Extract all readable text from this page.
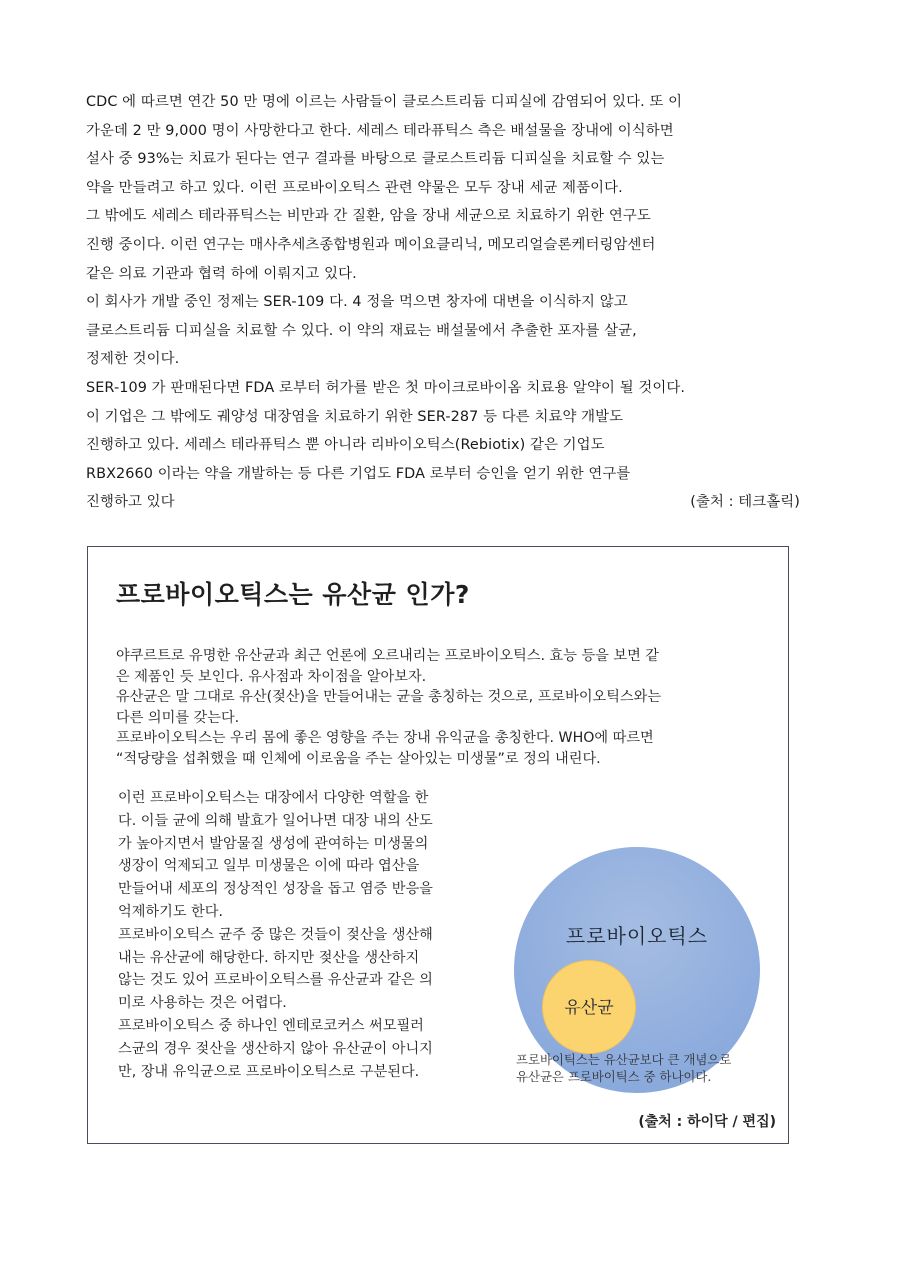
CDC 에 따르면 연간 50 만 명에 이르는 사람들이 클로스트리듐 디피실에 감염되어 있다. 또 이
가운데 2 만 9,000 명이 사망한다고 한다. 세레스 테라퓨틱스 측은 배설물을 장내에 이식하면
설사 중 93%는 치료가 된다는 연구 결과를 바탕으로 클로스트리듐 디피실을 치료할 수 있는
약을 만들려고 하고 있다. 이런 프로바이오틱스 관련 약물은 모두 장내 세균 제품이다.
그 밖에도 세레스 테라퓨틱스는 비만과 간 질환, 암을 장내 세균으로 치료하기 위한 연구도
진행 중이다. 이런 연구는 매사추세츠종합병원과 메이요클리닉, 메모리얼슬론케터링암센터
같은 의료 기관과 협력 하에 이뤄지고 있다.
이 회사가 개발 중인 정제는 SER-109 다. 4 정을 먹으면 창자에 대변을 이식하지 않고
클로스트리듐 디피실을 치료할 수 있다. 이 약의 재료는 배설물에서 추출한 포자를 살균,
정제한 것이다.
SER-109 가 판매된다면 FDA 로부터 허가를 받은 첫 마이크로바이옴 치료용 알약이 될 것이다.
이 기업은 그 밖에도 궤양성 대장염을 치료하기 위한 SER-287 등 다른 치료약 개발도
진행하고 있다. 세레스 테라퓨틱스 뿐 아니라 리바이오틱스(Rebiotix) 같은 기업도
RBX2660 이라는 약을 개발하는 등 다른 기업도 FDA 로부터 승인을 얻기 위한 연구를
진행하고 있다	(출처 : 테크홀릭)
프로바이오틱스는 유산균 인가?
야쿠르트로 유명한 유산균과 최근 언론에 오르내리는 프로바이오틱스. 효능 등을 보면 같
은 제품인 듯 보인다. 유사점과 차이점을 알아보자.
유산균은 말 그대로 유산(젖산)을 만들어내는 균을 총칭하는 것으로, 프로바이오틱스와는
다른 의미를 갖는다.
프로바이오틱스는 우리 몸에 좋은 영향을 주는 장내 유익균을 총칭한다. WHO에 따르면
“적당량을 섭취했을 때 인체에 이로움을 주는 살아있는 미생물”로 정의 내린다.
이런 프로바이오틱스는 대장에서 다양한 역할을 한
다. 이들 균에 의해 발효가 일어나면 대장 내의 산도
가 높아지면서 발암물질 생성에 관여하는 미생물의
생장이 억제되고 일부 미생물은 이에 따라 엽산을
만들어내 세포의 정상적인 성장을 돕고 염증 반응을
억제하기도 한다.
프로바이오틱스 균주 중 많은 것들이 젖산을 생산해
내는 유산균에 해당한다. 하지만 젖산을 생산하지
않는 것도 있어 프로바이오틱스를 유산균과 같은 의
미로 사용하는 것은 어렵다.
프로바이오틱스 중 하나인 엔테로코커스 써모필러
스균의 경우 젖산을 생산하지 않아 유산균이 아니지
만, 장내 유익균으로 프로바이오틱스로 구분된다.
프로바이오틱스
유산균
프로바이틱스는 유산균보다 큰 개념으로
유산균은 프로바이틱스 중 하나이다.
(출처 : 하이닥 / 편집)
